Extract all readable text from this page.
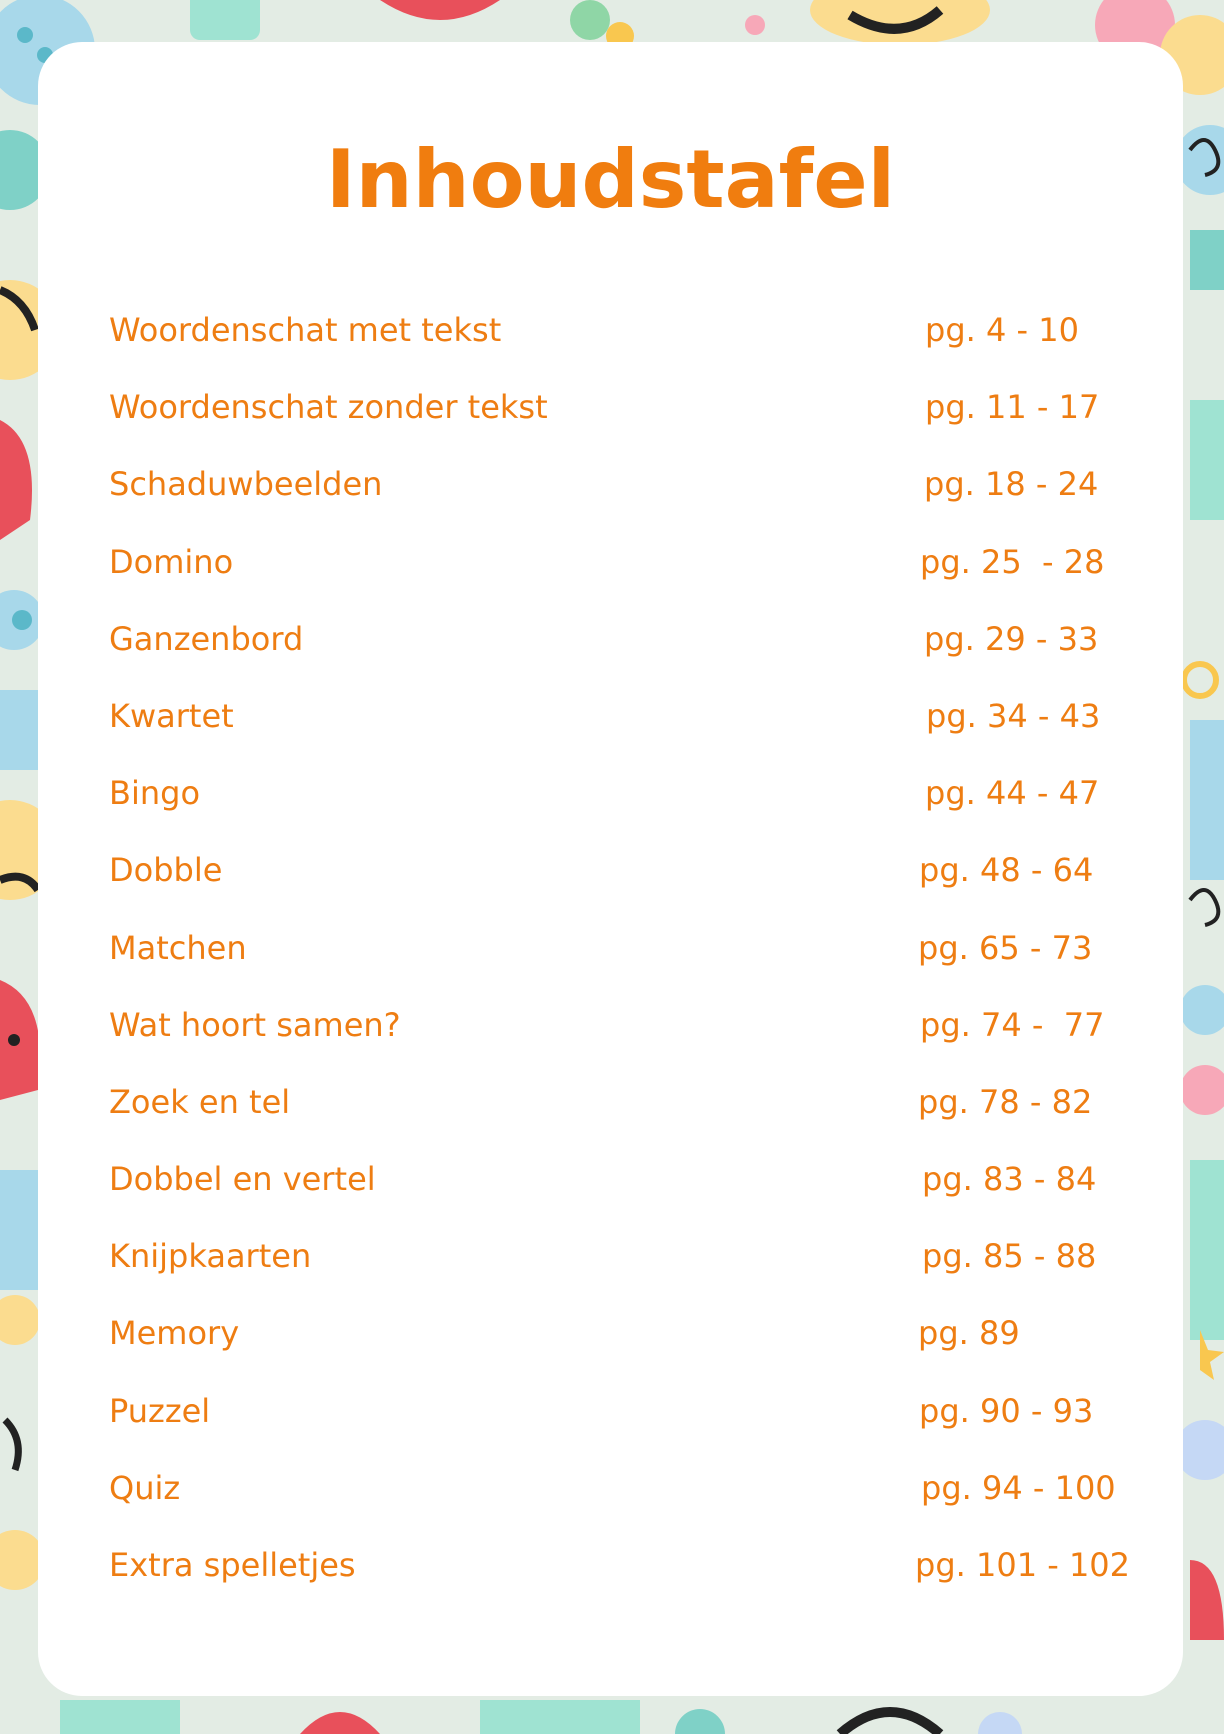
Inhoudstafel
Woordenschat met tekst	pg. 4 - 10
Woordenschat zonder tekst	pg. 11 - 17
Schaduwbeelden	pg. 18 - 24
Domino	pg. 25  - 28
Ganzenbord	pg. 29 - 33
Kwartet	pg. 34 - 43
Bingo	pg. 44 - 47
Dobble	pg. 48 - 64
Matchen	pg. 65 - 73
Wat hoort samen?	pg. 74 -  77
Zoek en tel	pg. 78 - 82
Dobbel en vertel	pg. 83 - 84
Knijpkaarten	pg. 85 - 88
Memory	pg. 89
Puzzel	pg. 90 - 93
Quiz	pg. 94 - 100
Extra spelletjes	pg. 101 - 102
